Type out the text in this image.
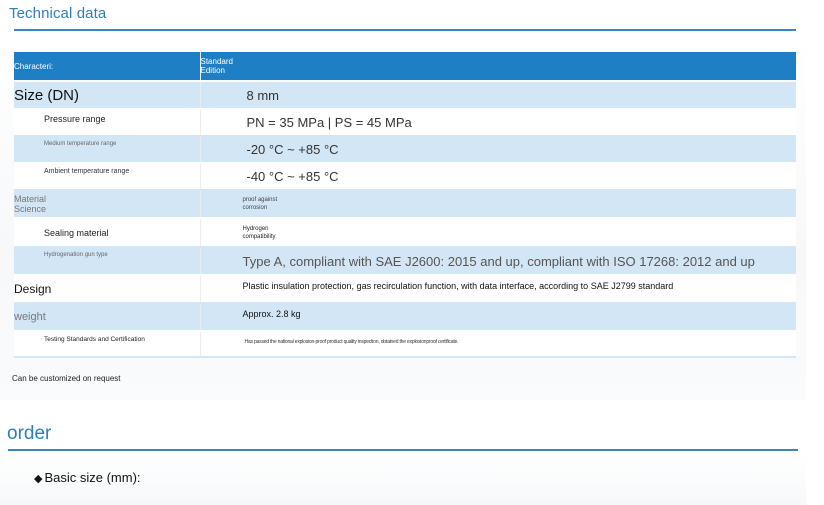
Technical data
Characteri:	Standard
Edition
Size (DN)	8 mm
Pressure range	PN = 35 MPa | PS = 45 MPa
Medium temperature range	-20 °C ~ +85 °C
Ambient temperature range	-40 °C ~ +85 °C
Material
Science	proof against
corrosion
Sealing material	Hydrogen
compatibility
Hydrogenation gun type	Type A, compliant with SAE J2600: 2015 and up, compliant with ISO 17268: 2012 and up
Design	Plastic insulation protection, gas recirculation function, with data interface, according to SAE J2799 standard
weight	Approx. 2.8 kg
Testing Standards and Certification	Has passed the national explosion-proof product quality inspection, obtained the explosionproof certificate.
Can be customized on request
order
◆ Basic size (mm):
